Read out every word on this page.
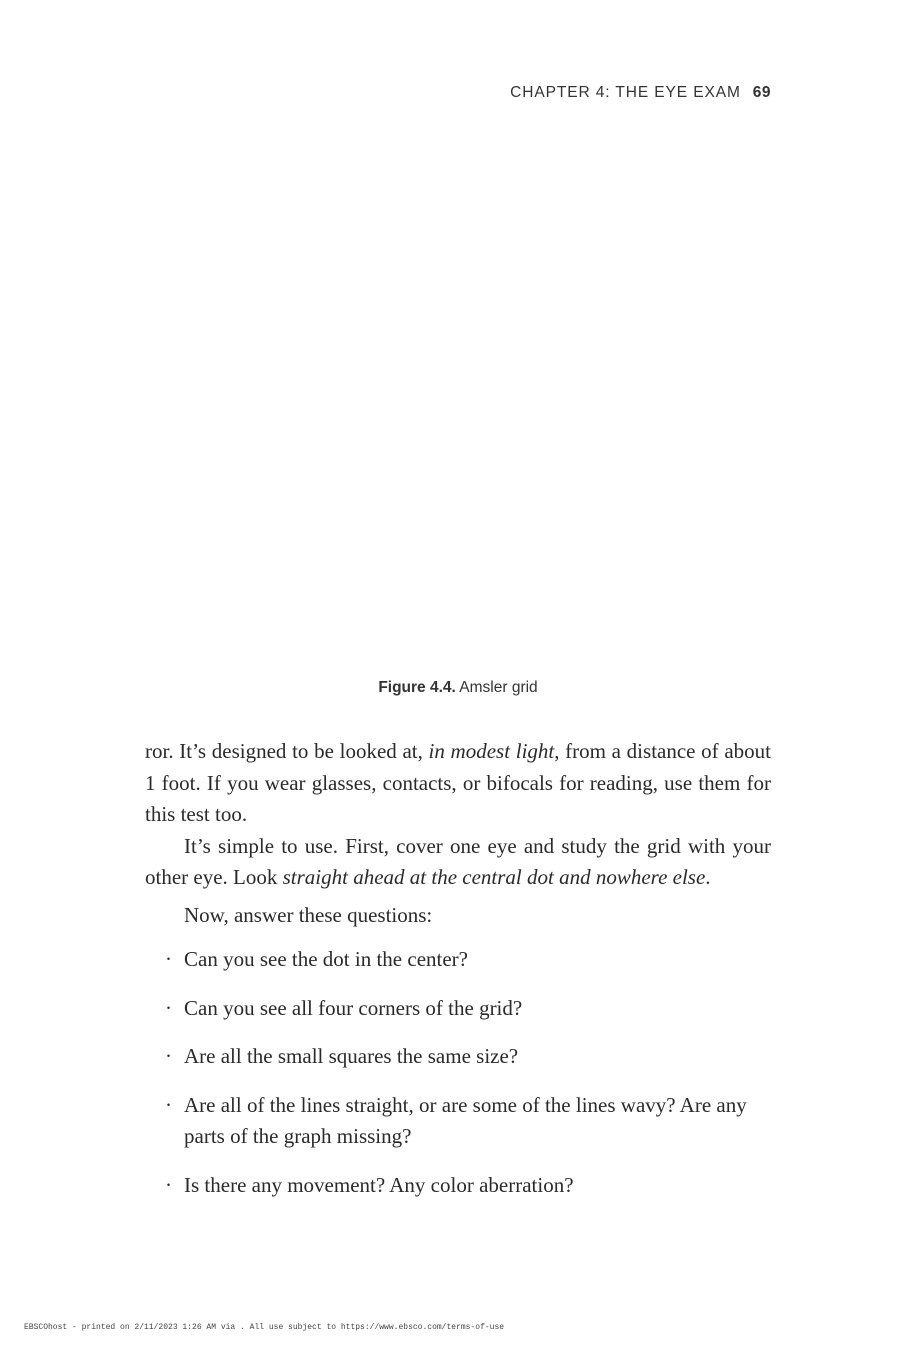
CHAPTER 4: THE EYE EXAM 69
Figure 4.4. Amsler grid

ror. It’s designed to be looked at, in modest light, from a distance of about 1 foot. If you wear glasses, contacts, or bifocals for reading, use them for this test too.

It’s simple to use. First, cover one eye and study the grid with your other eye. Look straight ahead at the central dot and nowhere else.

Now, answer these questions:

· Can you see the dot in the center?
· Can you see all four corners of the grid?
· Are all the small squares the same size?
· Are all of the lines straight, or are some of the lines wavy? Are any parts of the graph missing?
· Is there any movement? Any color aberration?
EBSCOhost - printed on 2/11/2023 1:26 AM via . All use subject to https://www.ebsco.com/terms-of-use
